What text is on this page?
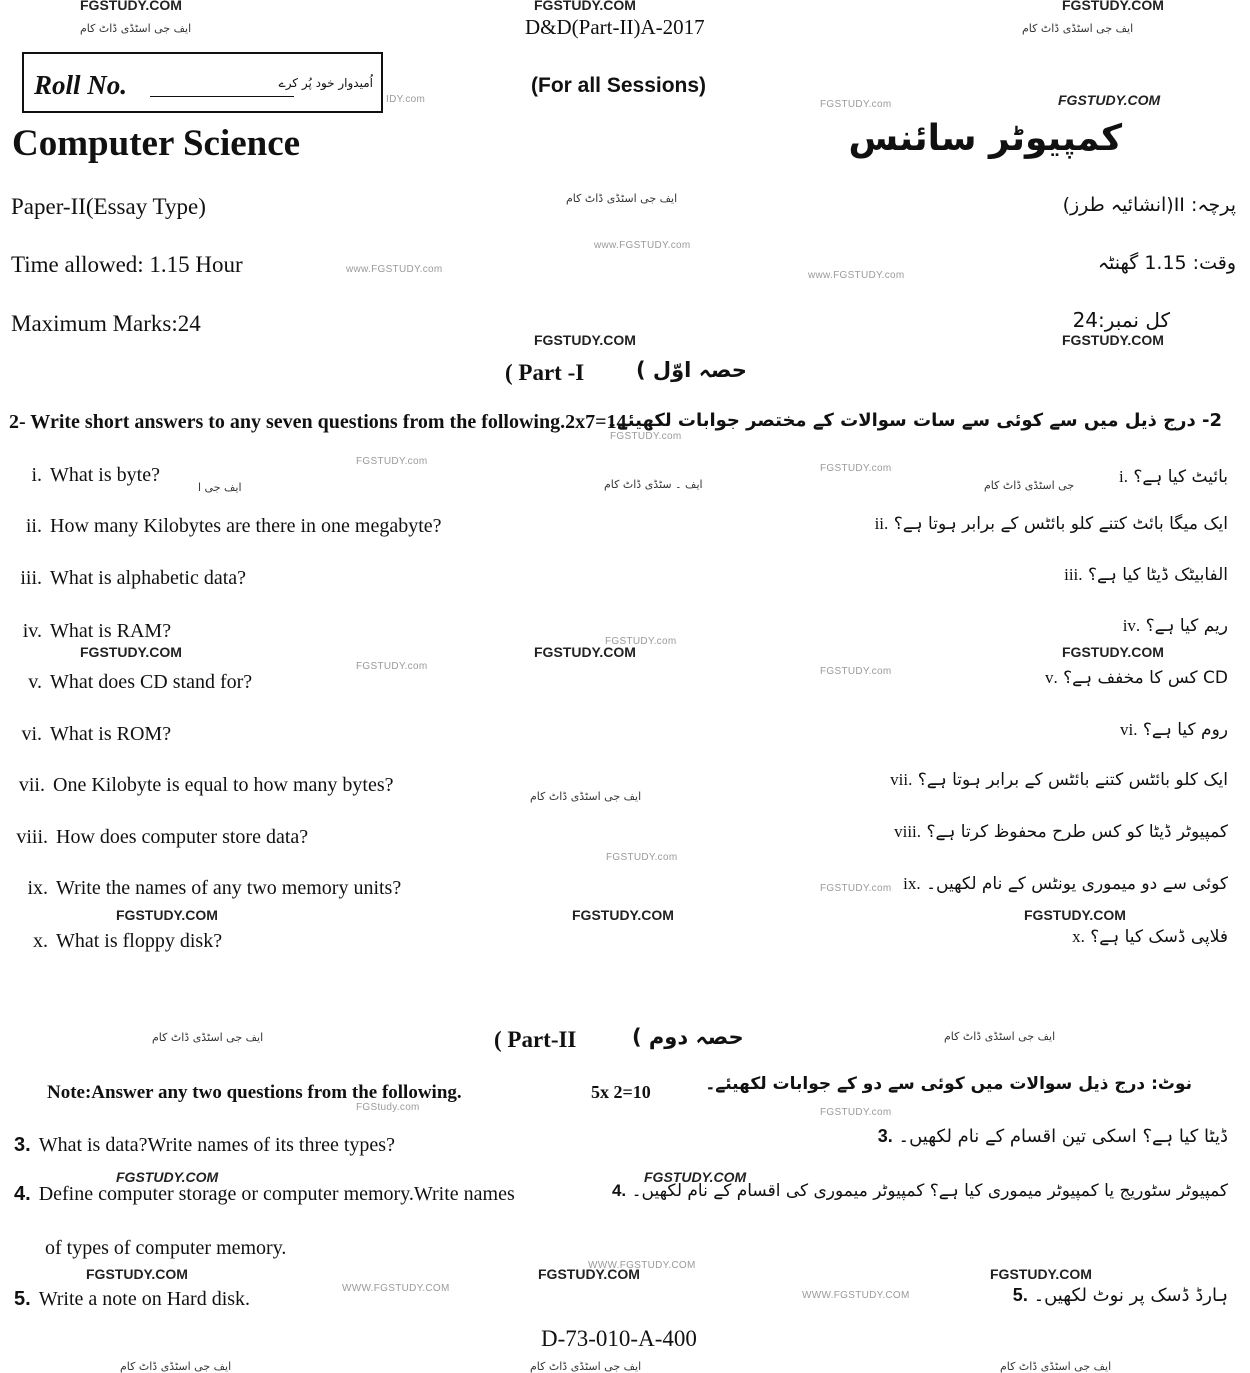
FGSTUDY.COM
ایف جی اسٹڈی ڈاٹ کام
FGSTUDY.COM	FGSTUDY.COM
ایف جی اسٹڈی ڈاٹ کام
D&D(Part-II)A-2017
Roll No.	اُمیدوار خود پُر کرے
IDY.com
(For all Sessions)
FGSTUDY.com	FGSTUDY.COM
Computer Science	کمپیوٹر سائنس
Paper-II(Essay Type)	ایف جی اسٹڈی ڈاٹ کام	پرچہ: II(انشائیہ طرز)
www.FGSTUDY.com
Time allowed: 1.15 Hour	www.FGSTUDY.com
www.FGSTUDY.com
وقت: 1.15 گھنٹہ
Maximum Marks:24
FGSTUDY.COM
کل نمبر:24
FGSTUDY.COM
( Part -I حصہ اوّل )
2- Write short answers to any seven questions from the following.2x7=14
FGSTUDY.com
2- درج ذیل میں سے کوئی سے سات سوالات کے مختصر جوابات لکھیئے۔
i. What is byte?
ii. How many Kilobytes are there in one megabyte?
iii. What is alphabetic data?
iv. What is RAM?
v. What does CD stand for?
vi. What is ROM?
vii. One Kilobyte is equal to how many bytes?
viii. How does computer store data?
ix. Write the names of any two memory units?
x. What is floppy disk?
بائیٹ کیا ہے؟ .i
ایک میگا بائٹ کتنے کلو بائٹس کے برابر ہوتا ہے؟ .ii
الفابیٹک ڈیٹا کیا ہے؟ .iii
ریم کیا ہے؟ .iv
CD کس کا مخفف ہے؟ .v
روم کیا ہے؟ .vi
ایک کلو بائٹس کتنے بائٹس کے برابر ہوتا ہے؟ .vii
کمپیوٹر ڈیٹا کو کس طرح محفوظ کرتا ہے؟ .viii
کوئی سے دو میموری یونٹس کے نام لکھیں۔ .ix
فلاپی ڈسک کیا ہے؟ .x
FGSTUDY.com
ایف جی ا	ایف ۔ سٹڈی ڈاٹ کام
FGSTUDY.com
جی اسٹڈی ڈاٹ کام
FGSTUDY.com
FGSTUDY.COM	FGSTUDY.COM	FGSTUDY.COM
FGSTUDY.com	FGSTUDY.com
ایف جی اسٹڈی ڈاٹ کام
FGSTUDY.com
FGSTUDY.com
FGSTUDY.COM	FGSTUDY.COM	FGSTUDY.COM
ایف جی اسٹڈی ڈاٹ کام	( Part-II	حصہ دوم )	ایف جی اسٹڈی ڈاٹ کام
Note:Answer any two questions from the following.	5x 2=10
FGStudy.com
نوٹ: درج ذیل سوالات میں کوئی سے دو کے جوابات لکھیئے۔
FGSTUDY.com
3. What is data?Write names of its three types?
FGSTUDY.COM
4. Define computer storage or computer memory.Write names
of types of computer memory.
FGSTUDY.COM
WWW.FGSTUDY.COM
FGSTUDY.COM
WWW.FGSTUDY.COM
5. Write a note on Hard disk.
FGSTUDY.COM
ڈیٹا کیا ہے؟ اسکی تین اقسام کے نام لکھیں۔ .3
کمپیوٹر سٹوریج یا کمپیوٹر میموری کیا ہے؟ کمپیوٹر میموری کی اقسام کے نام لکھیں۔ .4
FGSTUDY.COM
WWW.FGSTUDY.COM	ہارڈ ڈسک پر نوٹ لکھیں۔ .5
D-73-010-A-400
ایف جی اسٹڈی ڈاٹ کام	ایف جی اسٹڈی ڈاٹ کام	ایف جی اسٹڈی ڈاٹ کام
